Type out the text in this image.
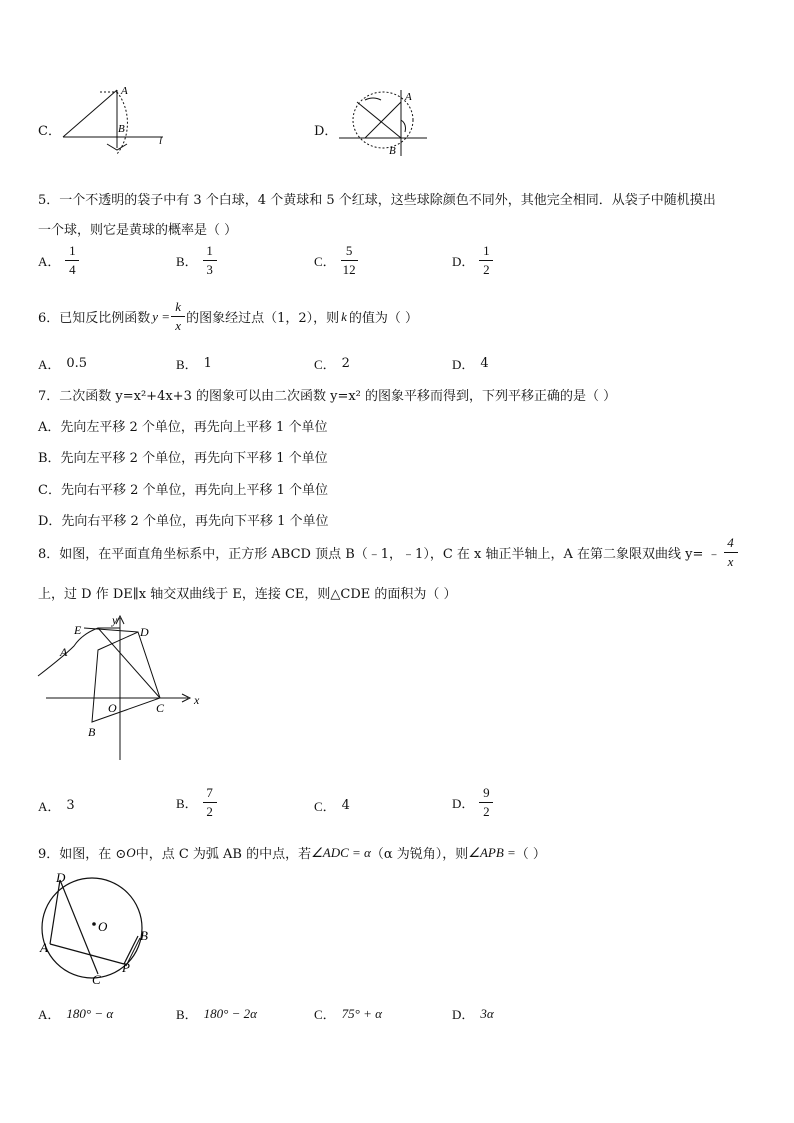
C．
A
B
l
D．
A
B
5．一个不透明的袋子中有 3 个白球，4 个黄球和 5 个红球，这些球除颜色不同外，其他完全相同．从袋子中随机摸出
一个球，则它是黄球的概率是（ ）
A． $\frac{1}{4}$	B． $\frac{1}{3}$	C． $\frac{5}{12}$	D． $\frac{1}{2}$
6．已知反比例函数 $y = \frac{k}{x}$ 的图象经过点（1，2），则 k 的值为（ ）
A． 0.5	B． 1	C． 2	D． 4
7．二次函数 y=x²+4x+3 的图象可以由二次函数 y=x² 的图象平移而得到，下列平移正确的是（ ）
A．先向左平移 2 个单位，再先向上平移 1 个单位
B．先向左平移 2 个单位，再先向下平移 1 个单位
C．先向右平移 2 个单位，再先向上平移 1 个单位
D．先向右平移 2 个单位，再先向下平移 1 个单位
8．如图，在平面直角坐标系中，正方形 ABCD 顶点 B（﹣1，﹣1），C 在 x 轴正半轴上，A 在第二象限双曲线 y= ﹣ $\frac{4}{x}$
上，过 D 作 DE∥x 轴交双曲线于 E，连接 CE，则△CDE 的面积为（ ）
E
y
D
A
O	C
x
B
A． 3	B． $\frac{7}{2}$	C． 4	D． $\frac{9}{2}$
9．如图，在 ⊙ O 中，点 C 为弧 AB 的中点，若 ∠ADC = α （α 为锐角），则 ∠APB = （ ）
D
O
A
C
P
B
A． 180° − α	B． 180° − 2α	C． 75° + α	D． 3α
